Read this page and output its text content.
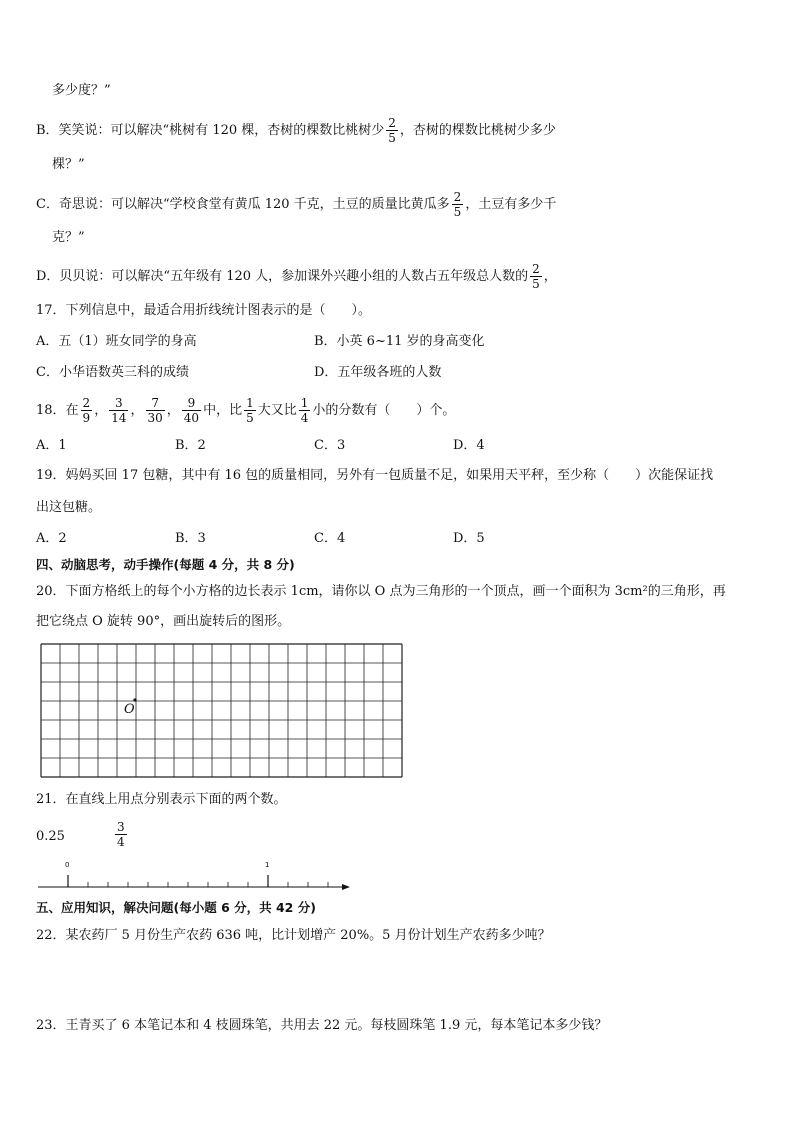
多少度？”
B．笑笑说：可以解决“桃树有 120 棵，杏树的棵数比桃树少 $\frac{2}{5}$ ，杏树的棵数比桃树少多少
棵？”
C．奇思说：可以解决“学校食堂有黄瓜 120 千克，土豆的质量比黄瓜多 $\frac{2}{5}$ ，土豆有多少千
克？”
D．贝贝说：可以解决“五年级有 120 人，参加课外兴趣小组的人数占五年级总人数的 $\frac{2}{5}$ ，
17．下列信息中，最适合用折线统计图表示的是（　　）。
A．五（1）班女同学的身高	B．小英 6~11 岁的身高变化
C．小华语数英三科的成绩	D．五年级各班的人数
18．在 $\frac{2}{9}$ ， $\frac{3}{14}$ ， $\frac{7}{30}$ ， $\frac{9}{40}$ 中，比 $\frac{1}{5}$ 大又比 $\frac{1}{4}$ 小的分数有（　　）个。
A．1	B．2	C．3	D．4
19．妈妈买回 17 包糖，其中有 16 包的质量相同，另外有一包质量不足，如果用天平秤，至少称（　　）次能保证找
出这包糖。
A．2	B．3	C．4	D．5
四、动脑思考，动手操作(每题 4 分，共 8 分)
20．下面方格纸上的每个小方格的边长表示 1cm，请你以 O 点为三角形的一个顶点，画一个面积为 3cm²的三角形，再
把它绕点 O 旋转 90°，画出旋转后的图形。
O
21．在直线上用点分别表示下面的两个数。
0.25	$\frac{3}{4}$
0	1
五、应用知识，解决问题(每小题 6 分，共 42 分)
22．某农药厂 5 月份生产农药 636 吨，比计划增产 20%。5 月份计划生产农药多少吨？
23．王青买了 6 本笔记本和 4 枝圆珠笔，共用去 22 元。每枝圆珠笔 1.9 元，每本笔记本多少钱？
